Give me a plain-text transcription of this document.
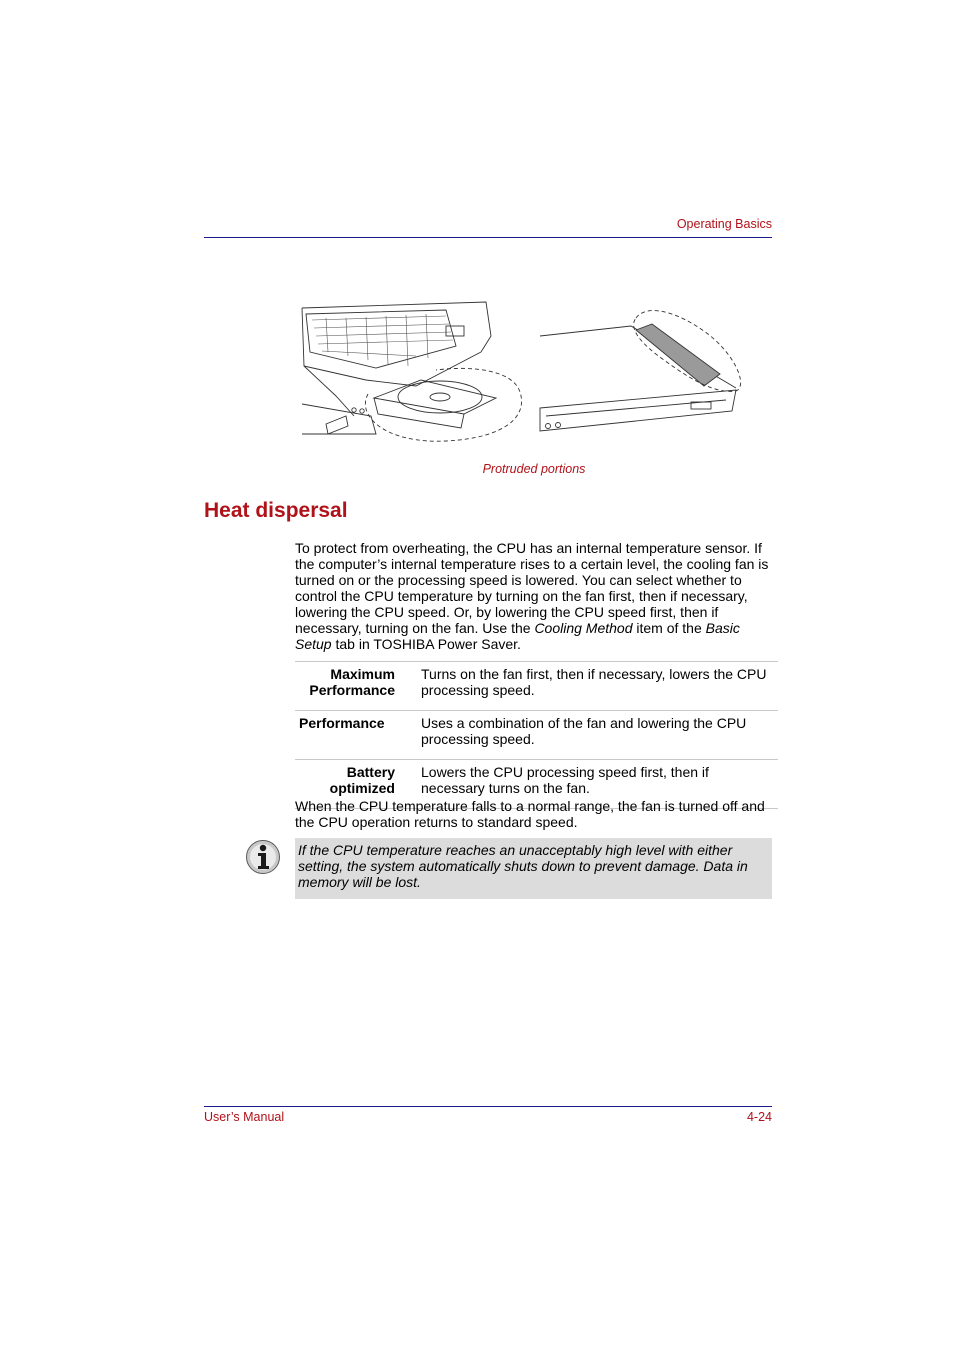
Operating Basics
Protruded portions
Heat dispersal

To protect from overheating, the CPU has an internal temperature sensor. If the computer’s internal temperature rises to a certain level, the cooling fan is turned on or the processing speed is lowered. You can select whether to control the CPU temperature by turning on the fan first, then if necessary, lowering the CPU speed. Or, by lowering the CPU speed first, then if necessary, turning on the fan. Use the Cooling Method item of the Basic Setup tab in TOSHIBA Power Saver.

Maximum Performance	Turns on the fan first, then if necessary, lowers the CPU processing speed.
Performance	Uses a combination of the fan and lowering the CPU processing speed.
Battery optimized	Lowers the CPU processing speed first, then if necessary turns on the fan.

When the CPU temperature falls to a normal range, the fan is turned off and the CPU operation returns to standard speed.

If the CPU temperature reaches an unacceptably high level with either setting, the system automatically shuts down to prevent damage. Data in memory will be lost.
User’s Manual	4-24
